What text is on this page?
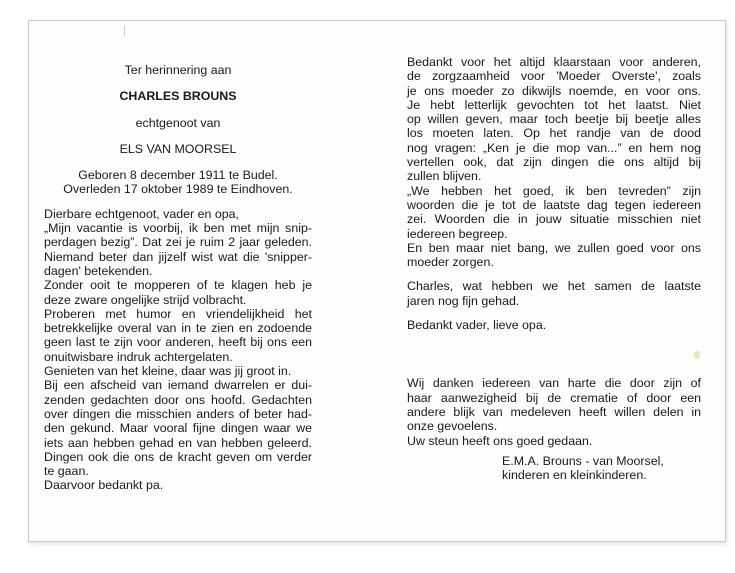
Ter herinnering aan
CHARLES BROUNS
echtgenoot van
ELS VAN MOORSEL
Geboren 8 december 1911 te Budel.
Overleden 17 oktober 1989 te Eindhoven.
Dierbare echtgenoot, vader en opa,
„Mijn vacantie is voorbij, ik ben met mijn snip-
perdagen bezig”. Dat zei je ruim 2 jaar geleden.
Niemand beter dan jijzelf wist wat die 'snipper-
dagen' betekenden.
Zonder ooit te mopperen of te klagen heb je
deze zware ongelijke strijd volbracht.
Proberen met humor en vriendelijkheid het
betrekkelijke overal van in te zien en zodoende
geen last te zijn voor anderen, heeft bij ons een
onuitwisbare indruk achtergelaten.
Genieten van het kleine, daar was jij groot in.
Bij een afscheid van iemand dwarrelen er dui-
zenden gedachten door ons hoofd. Gedachten
over dingen die misschien anders of beter had-
den gekund. Maar vooral fijne dingen waar we
iets aan hebben gehad en van hebben geleerd.
Dingen ook die ons de kracht geven om verder
te gaan.
Daarvoor bedankt pa.
Bedankt voor het altijd klaarstaan voor anderen,
de zorgzaamheid voor 'Moeder Overste', zoals
je ons moeder zo dikwijls noemde, en voor ons.
Je hebt letterlijk gevochten tot het laatst. Niet
op willen geven, maar toch beetje bij beetje alles
los moeten laten. Op het randje van de dood
nog vragen: „Ken je die mop van...” en hem nog
vertellen ook, dat zijn dingen die ons altijd bij
zullen blijven.
„We hebben het goed, ik ben tevreden” zijn
woorden die je tot de laatste dag tegen iedereen
zei. Woorden die in jouw situatie misschien niet
iedereen begreep.
En ben maar niet bang, we zullen goed voor ons
moeder zorgen.
Charles, wat hebben we het samen de laatste
jaren nog fijn gehad.
Bedankt vader, lieve opa.
Wij danken iedereen van harte die door zijn of
haar aanwezigheid bij de crematie of door een
andere blijk van medeleven heeft willen delen in
onze gevoelens.
Uw steun heeft ons goed gedaan.
E.M.A. Brouns - van Moorsel,
kinderen en kleinkinderen.
